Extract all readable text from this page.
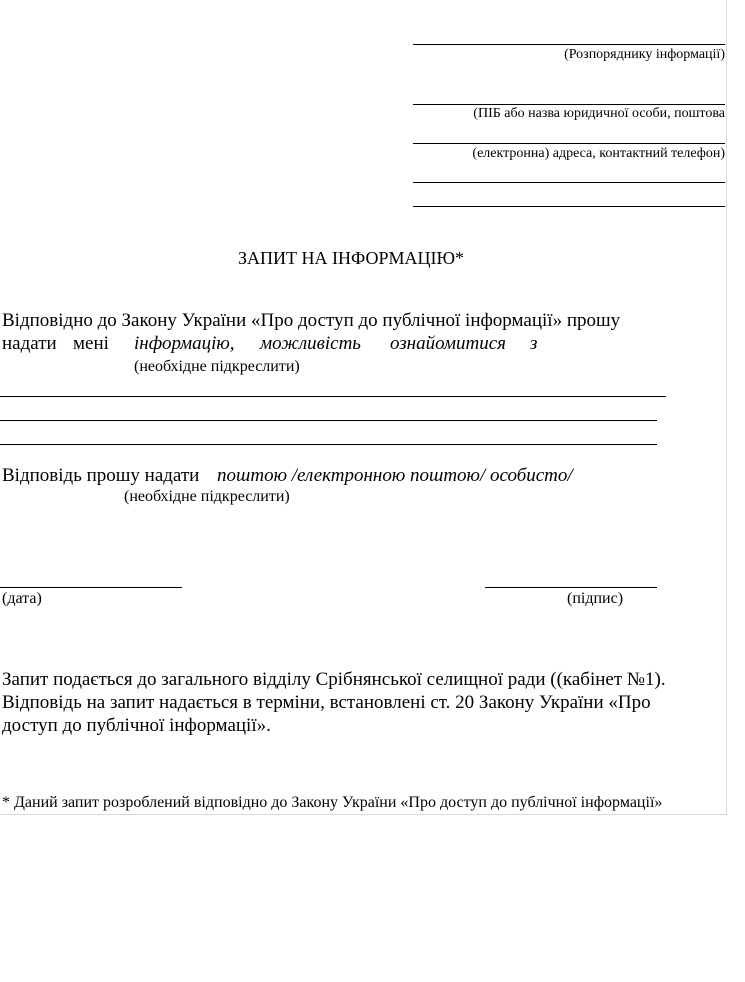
(Розпоряднику інформації)
(ПІБ або назва юридичної особи, поштова
(електронна) адреса, контактний телефон)
ЗАПИТ НА ІНФОРМАЦІЮ*
Відповідно до Закону України «Про доступ до публічної інформації» прошу
надати мені інформацію, можливість ознайомитися з
(необхідне підкреслити)
Відповідь прошу надати поштою /електронною поштою/ особисто/
(необхідне підкреслити)
(дата)	(підпис)
Запит подається до загального відділу Срібнянської селищної ради ((кабінет №1).
Відповідь на запит надається в терміни, встановлені ст. 20 Закону України «Про
доступ до публічної інформації».
* Даний запит розроблений відповідно до Закону України «Про доступ до публічної інформації»
